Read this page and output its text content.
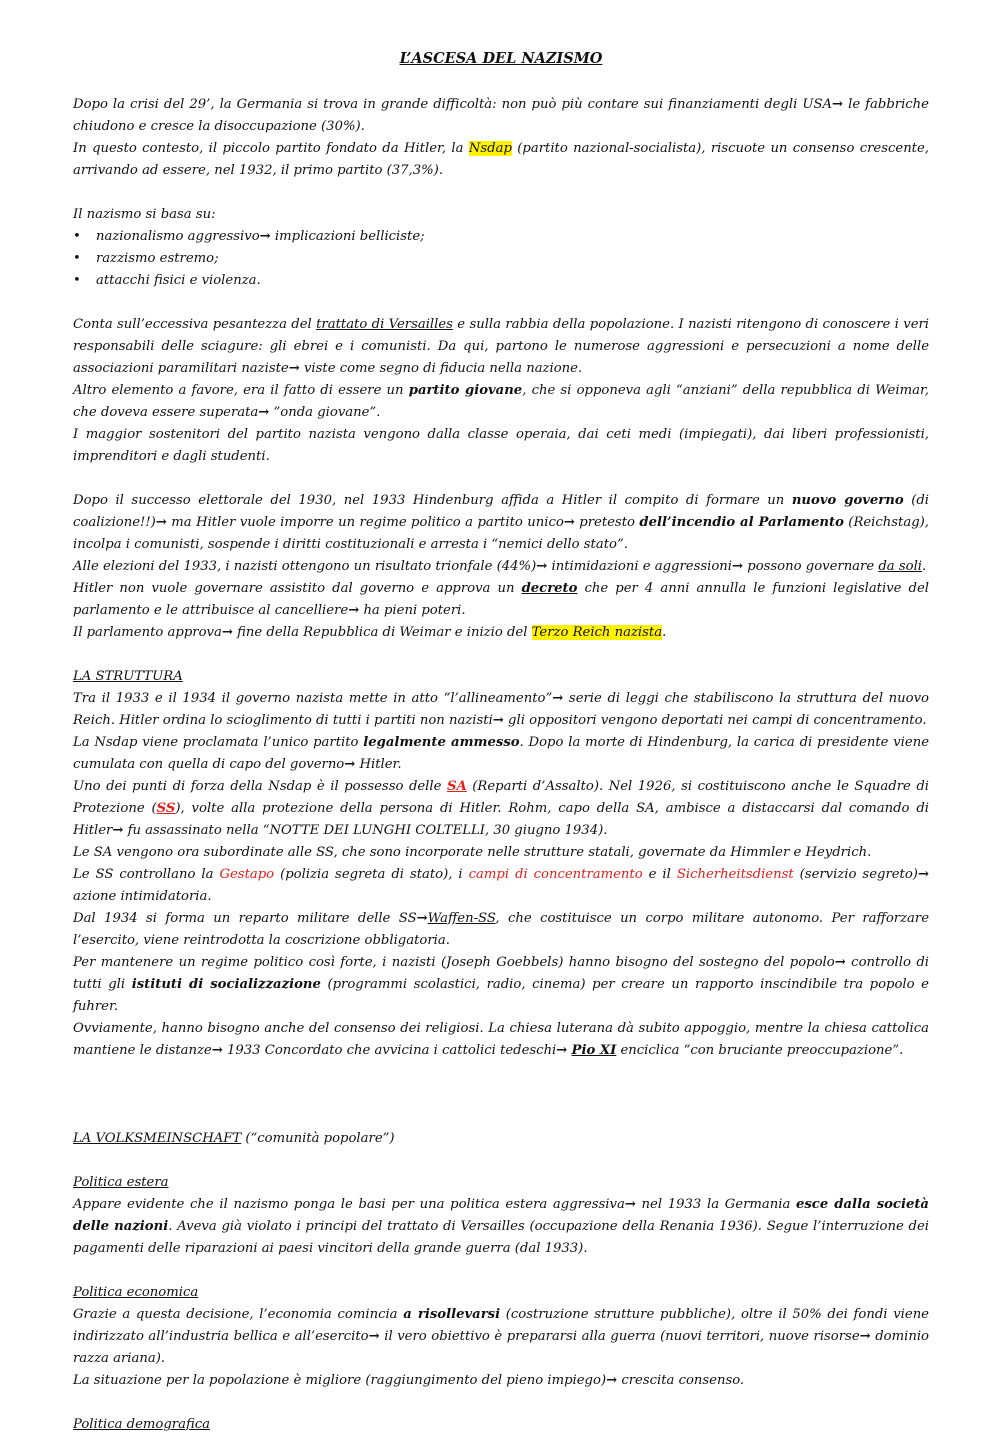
L’ASCESA DEL NAZISMO

Dopo la crisi del 29’, la Germania si trova in grande difficoltà: non può più contare sui finanziamenti degli USA→ le fabbriche chiudono e cresce la disoccupazione (30%).

In questo contesto, il piccolo partito fondato da Hitler, la Nsdap (partito nazional-socialista), riscuote un consenso crescente, arrivando ad essere, nel 1932, il primo partito (37,3%).

Il nazismo si basa su:

• nazionalismo aggressivo→ implicazioni belliciste;
• razzismo estremo;
• attacchi fisici e violenza.

Conta sull’eccessiva pesantezza del trattato di Versailles e sulla rabbia della popolazione. I nazisti ritengono di conoscere i veri responsabili delle sciagure: gli ebrei e i comunisti. Da qui, partono le numerose aggressioni e persecuzioni a nome delle associazioni paramilitari naziste→ viste come segno di fiducia nella nazione.

Altro elemento a favore, era il fatto di essere un partito giovane, che si opponeva agli “anziani” della repubblica di Weimar, che doveva essere superata→ ”onda giovane”.

I maggior sostenitori del partito nazista vengono dalla classe operaia, dai ceti medi (impiegati), dai liberi professionisti, imprenditori e dagli studenti.

Dopo il successo elettorale del 1930, nel 1933 Hindenburg affida a Hitler il compito di formare un nuovo governo (di coalizione!!)→ ma Hitler vuole imporre un regime politico a partito unico→ pretesto dell’incendio al Parlamento (Reichstag), incolpa i comunisti, sospende i diritti costituzionali e arresta i “nemici dello stato”.

Alle elezioni del 1933, i nazisti ottengono un risultato trionfale (44%)→ intimidazioni e aggressioni→ possono governare da soli.

Hitler non vuole governare assistito dal governo e approva un decreto che per 4 anni annulla le funzioni legislative del parlamento e le attribuisce al cancelliere→ ha pieni poteri.

Il parlamento approva→ fine della Repubblica di Weimar e inizio del Terzo Reich nazista.

LA STRUTTURA

Tra il 1933 e il 1934 il governo nazista mette in atto “l’allineamento”→ serie di leggi che stabiliscono la struttura del nuovo Reich. Hitler ordina lo scioglimento di tutti i partiti non nazisti→ gli oppositori vengono deportati nei campi di concentramento.

La Nsdap viene proclamata l’unico partito legalmente ammesso. Dopo la morte di Hindenburg, la carica di presidente viene cumulata con quella di capo del governo→ Hitler.

Uno dei punti di forza della Nsdap è il possesso delle SA (Reparti d’Assalto). Nel 1926, si costituiscono anche le Squadre di Protezione (SS), volte alla protezione della persona di Hitler. Rohm, capo della SA, ambisce a distaccarsi dal comando di Hitler→ fu assassinato nella “NOTTE DEI LUNGHI COLTELLI, 30 giugno 1934).

Le SA vengono ora subordinate alle SS, che sono incorporate nelle strutture statali, governate da Himmler e Heydrich.

Le SS controllano la Gestapo (polizia segreta di stato), i campi di concentramento e il Sicherheitsdienst (servizio segreto)→ azione intimidatoria.

Dal 1934 si forma un reparto militare delle SS→Waffen-SS, che costituisce un corpo militare autonomo. Per rafforzare l’esercito, viene reintrodotta la coscrizione obbligatoria.

Per mantenere un regime politico così forte, i nazisti (Joseph Goebbels) hanno bisogno del sostegno del popolo→ controllo di tutti gli istituti di socializzazione (programmi scolastici, radio, cinema) per creare un rapporto inscindibile tra popolo e fuhrer.

Ovviamente, hanno bisogno anche del consenso dei religiosi. La chiesa luterana dà subito appoggio, mentre la chiesa cattolica mantiene le distanze→ 1933 Concordato che avvicina i cattolici tedeschi→ Pio XI enciclica “con bruciante preoccupazione”.

LA VOLKSMEINSCHAFT (“comunità popolare”)

Politica estera

Appare evidente che il nazismo ponga le basi per una politica estera aggressiva→ nel 1933 la Germania esce dalla società delle nazioni. Aveva già violato i principi del trattato di Versailles (occupazione della Renania 1936). Segue l’interruzione dei pagamenti delle riparazioni ai paesi vincitori della grande guerra (dal 1933).

Politica economica

Grazie a questa decisione, l’economia comincia a risollevarsi (costruzione strutture pubbliche), oltre il 50% dei fondi viene indirizzato all’industria bellica e all’esercito→ il vero obiettivo è prepararsi alla guerra (nuovi territori, nuove risorse→ dominio razza ariana).

La situazione per la popolazione è migliore (raggiungimento del pieno impiego)→ crescita consenso.

Politica demografica
